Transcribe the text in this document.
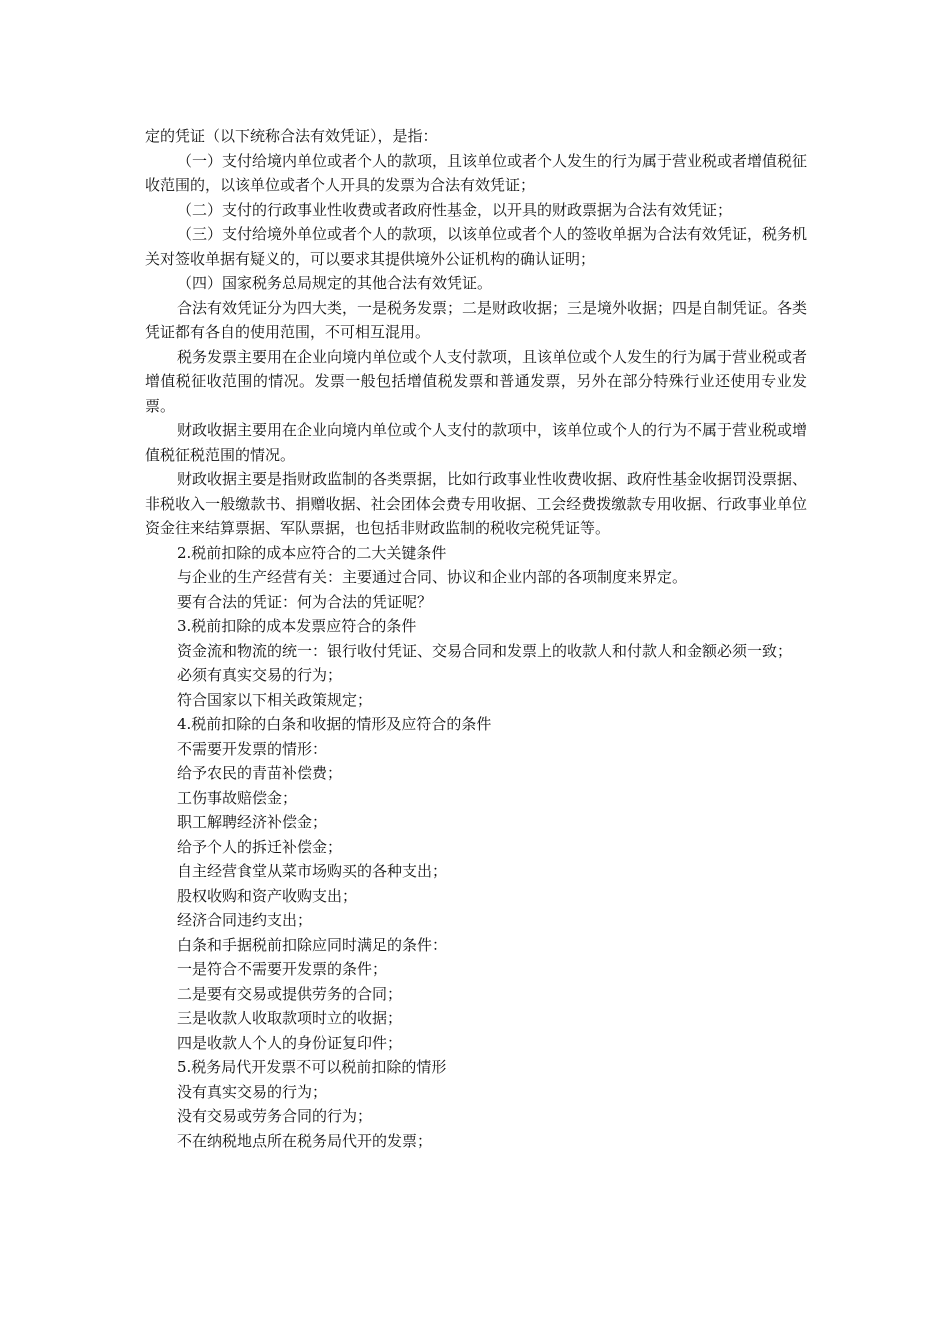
定的凭证（以下统称合法有效凭证），是指：

（一）支付给境内单位或者个人的款项，且该单位或者个人发生的行为属于营业税或者增值税征收范围的，以该单位或者个人开具的发票为合法有效凭证；

（二）支付的行政事业性收费或者政府性基金，以开具的财政票据为合法有效凭证；

（三）支付给境外单位或者个人的款项，以该单位或者个人的签收单据为合法有效凭证，税务机关对签收单据有疑义的，可以要求其提供境外公证机构的确认证明；

（四）国家税务总局规定的其他合法有效凭证。

合法有效凭证分为四大类，一是税务发票；二是财政收据；三是境外收据；四是自制凭证。各类凭证都有各自的使用范围，不可相互混用。

税务发票主要用在企业向境内单位或个人支付款项，且该单位或个人发生的行为属于营业税或者增值税征收范围的情况。发票一般包括增值税发票和普通发票，另外在部分特殊行业还使用专业发票。

财政收据主要用在企业向境内单位或个人支付的款项中，该单位或个人的行为不属于营业税或增值税征税范围的情况。

财政收据主要是指财政监制的各类票据，比如行政事业性收费收据、政府性基金收据罚没票据、非税收入一般缴款书、捐赠收据、社会团体会费专用收据、工会经费拨缴款专用收据、行政事业单位资金往来结算票据、军队票据，也包括非财政监制的税收完税凭证等。

2.税前扣除的成本应符合的二大关键条件

与企业的生产经营有关：主要通过合同、协议和企业内部的各项制度来界定。

要有合法的凭证：何为合法的凭证呢？

3.税前扣除的成本发票应符合的条件

资金流和物流的统一：银行收付凭证、交易合同和发票上的收款人和付款人和金额必须一致；

必须有真实交易的行为；

符合国家以下相关政策规定；

4.税前扣除的白条和收据的情形及应符合的条件

不需要开发票的情形：

给予农民的青苗补偿费；

工伤事故赔偿金；

职工解聘经济补偿金；

给予个人的拆迁补偿金；

自主经营食堂从菜市场购买的各种支出；

股权收购和资产收购支出；

经济合同违约支出；

白条和手据税前扣除应同时满足的条件：

一是符合不需要开发票的条件；

二是要有交易或提供劳务的合同；

三是收款人收取款项时立的收据；

四是收款人个人的身份证复印件；

5.税务局代开发票不可以税前扣除的情形

没有真实交易的行为；

没有交易或劳务合同的行为；

不在纳税地点所在税务局代开的发票；
